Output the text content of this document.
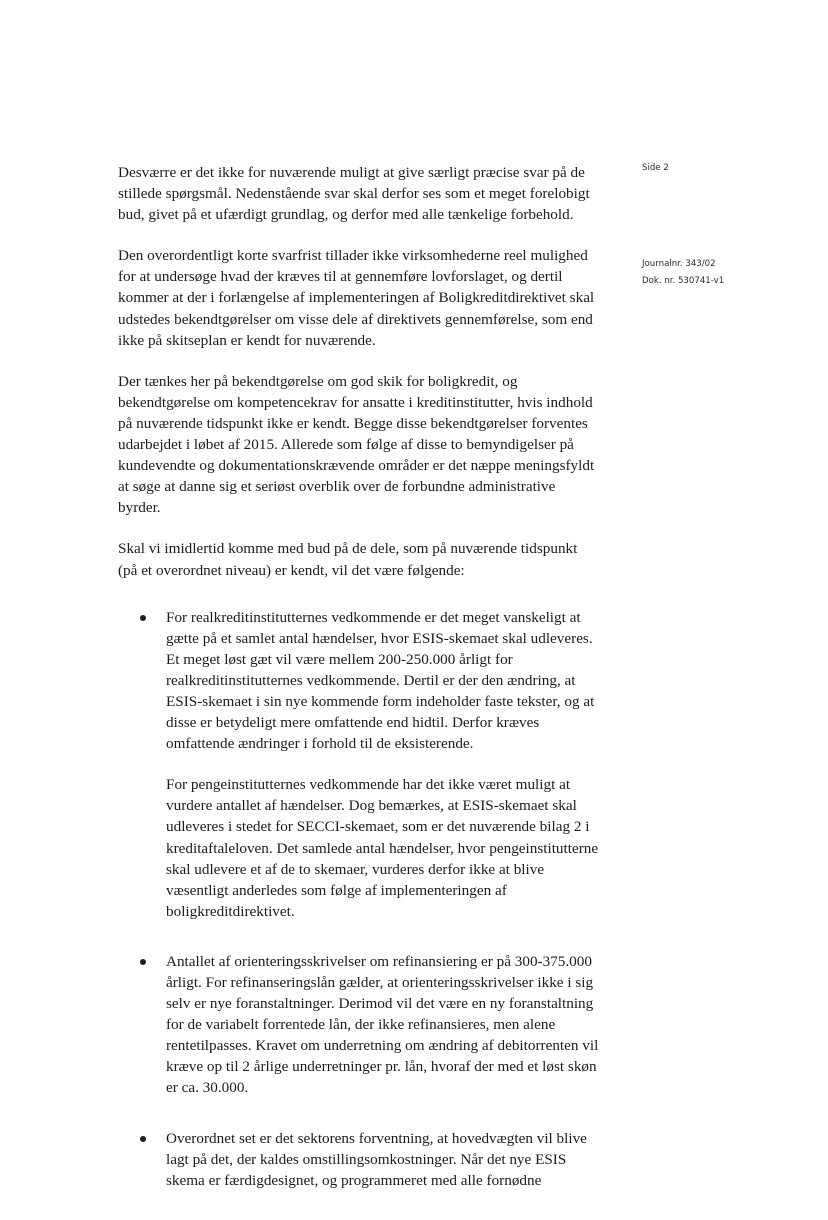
Desværre er det ikke for nuværende muligt at give særligt præcise svar på de stillede spørgsmål. Nedenstående svar skal derfor ses som et meget forelobigt bud, givet på et ufærdigt grundlag, og derfor med alle tænkelige forbehold.

Den overordentligt korte svarfrist tillader ikke virksomhederne reel mulighed for at undersøge hvad der kræves til at gennemføre lovforslaget, og dertil kommer at der i forlængelse af implementeringen af Boligkreditdirektivet skal udstedes bekendtgørelser om visse dele af direktivets gennemførelse, som end ikke på skitseplan er kendt for nuværende.

Der tænkes her på bekendtgørelse om god skik for boligkredit, og bekendtgørelse om kompetencekrav for ansatte i kreditinstitutter, hvis indhold på nuværende tidspunkt ikke er kendt. Begge disse bekendtgørelser forventes udarbejdet i løbet af 2015. Allerede som følge af disse to bemyndigelser på kundevendte og dokumentationskrævende områder er det næppe meningsfyldt at søge at danne sig et seriøst overblik over de forbundne administrative byrder.

Skal vi imidlertid komme med bud på de dele, som på nuværende tidspunkt (på et overordnet niveau) er kendt, vil det være følgende:

For realkreditinstitutternes vedkommende er det meget vanskeligt at gætte på et samlet antal hændelser, hvor ESIS-skemaet skal udleveres. Et meget løst gæt vil være mellem 200-250.000 årligt for realkreditinstitutternes vedkommende. Dertil er der den ændring, at ESIS-skemaet i sin nye kommende form indeholder faste tekster, og at disse er betydeligt mere omfattende end hidtil. Derfor kræves omfattende ændringer i forhold til de eksisterende.

For pengeinstitutternes vedkommende har det ikke været muligt at vurdere antallet af hændelser. Dog bemærkes, at ESIS-skemaet skal udleveres i stedet for SECCI-skemaet, som er det nuværende bilag 2 i kreditaftaleloven. Det samlede antal hændelser, hvor pengeinstitutterne skal udlevere et af de to skemaer, vurderes derfor ikke at blive væsentligt anderledes som følge af implementeringen af boligkreditdirektivet.

Antallet af orienteringsskrivelser om refinansiering er på 300-375.000 årligt. For refinanseringslån gælder, at orienteringsskrivelser ikke i sig selv er nye foranstaltninger. Derimod vil det være en ny foranstaltning for de variabelt forrentede lån, der ikke refinansieres, men alene rentetilpasses. Kravet om underretning om ændring af debitorrenten vil kræve op til 2 årlige underretninger pr. lån, hvoraf der med et løst skøn er ca. 30.000.

Overordnet set er det sektorens forventning, at hovedvægten vil blive lagt på det, der kaldes omstillingsomkostninger. Når det nye ESIS skema er færdigdesignet, og programmeret med alle fornødne

Side 2
Journalnr. 343/02
Dok. nr. 530741-v1
